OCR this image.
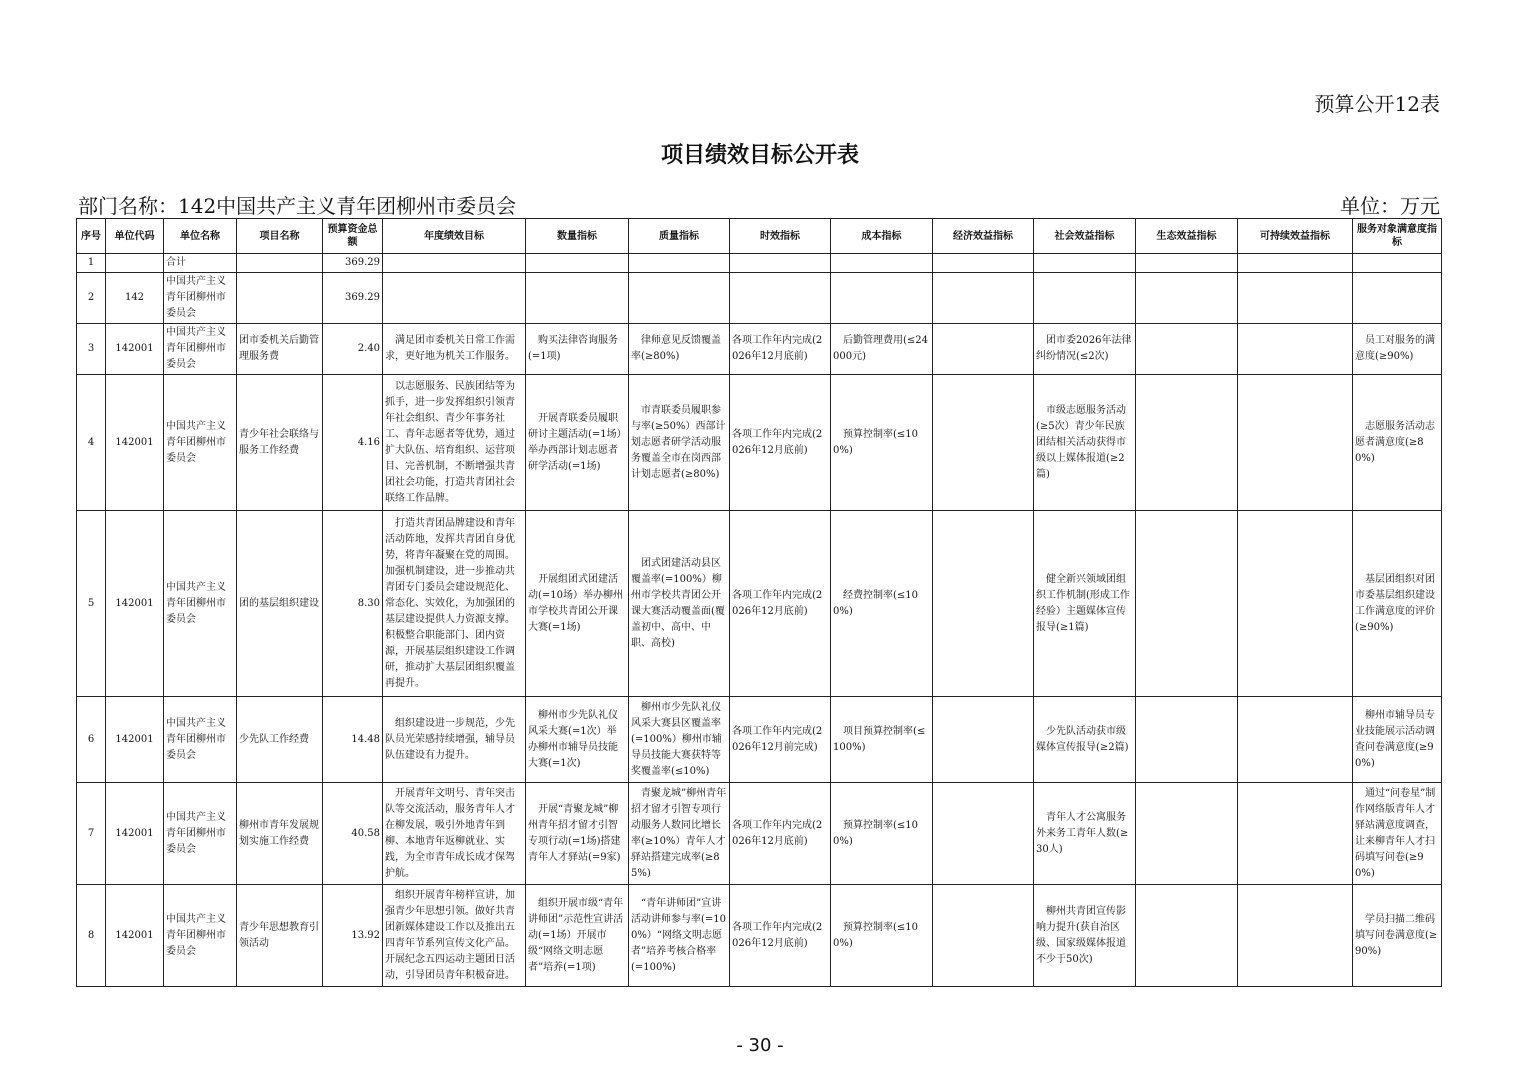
预算公开12表
项目绩效目标公开表
部门名称：142中国共产主义青年团柳州市委员会	单位：万元
序号	单位代码	单位名称	项目名称	预算资金总额	年度绩效目标	数量指标	质量指标	时效指标	成本指标	经济效益指标	社会效益指标	生态效益指标	可持续效益指标	服务对象满意度指标
1		合计		369.29										
2	142	中国共产主义青年团柳州市委员会		369.29										
3	142001	中国共产主义青年团柳州市委员会	团市委机关后勤管理服务费	2.40	满足团市委机关日常工作需求，更好地为机关工作服务。	购买法律咨询服务(=1项)	律师意见反馈覆盖率(≥80%)	各项工作年内完成(2026年12月底前)	后勤管理费用(≤24000元)		团市委2026年法律纠纷情况(≤2次)			员工对服务的满意度(≥90%)
4	142001	中国共产主义青年团柳州市委员会	青少年社会联络与服务工作经费	4.16	以志愿服务、民族团结等为抓手，进一步发挥组织引领青年社会组织、青少年事务社工、青年志愿者等优势，通过扩大队伍、培育组织、运营项目、完善机制，不断增强共青团社会功能，打造共青团社会联络工作品牌。	开展青联委员履职研讨主题活动(=1场）举办西部计划志愿者研学活动(=1场)	市青联委员履职参与率(≥50%）西部计划志愿者研学活动服务覆盖全市在岗西部计划志愿者(≥80%)	各项工作年内完成(2026年12月底前)	预算控制率(≤100%)		市级志愿服务活动(≥5次）青少年民族团结相关活动获得市级以上媒体报道(≥2篇)			志愿服务活动志愿者满意度(≥80%)
5	142001	中国共产主义青年团柳州市委员会	团的基层组织建设	8.30	打造共青团品牌建设和青年活动阵地，发挥共青团自身优势，将青年凝聚在党的周围。加强机制建设，进一步推动共青团专门委员会建设规范化、常态化、实效化，为加强团的基层建设提供人力资源支撑。积极整合职能部门、团内资源，开展基层组织建设工作调研，推动扩大基层团组织覆盖再提升。	开展组团式团建活动(=10场）举办柳州市学校共青团公开课大赛(=1场)	团式团建活动县区覆盖率(=100%）柳州市学校共青团公开课大赛活动覆盖面(覆盖初中、高中、中职、高校)	各项工作年内完成(2026年12月底前)	经费控制率(≤100%)		健全新兴领域团组织工作机制(形成工作经验）主题媒体宣传报导(≥1篇)			基层团组织对团市委基层组织建设工作满意度的评价(≥90%)
6	142001	中国共产主义青年团柳州市委员会	少先队工作经费	14.48	组织建设进一步规范，少先队员光荣感持续增强，辅导员队伍建设有力提升。	柳州市少先队礼仪风采大赛(=1次）举办柳州市辅导员技能大赛(=1次)	柳州市少先队礼仪风采大赛县区覆盖率(=100%）柳州市辅导员技能大赛获特等奖覆盖率(≤10%)	各项工作年内完成(2026年12月前完成)	项目预算控制率(≤100%)		少先队活动获市级媒体宣传报导(≥2篇)			柳州市辅导员专业技能展示活动调查问卷满意度(≥90%)
7	142001	中国共产主义青年团柳州市委员会	柳州市青年发展规划实施工作经费	40.58	开展青年文明号、青年突击队等交流活动，服务青年人才在柳发展，吸引外地青年到柳、本地青年返柳就业、实践，为全市青年成长成才保驾护航。	开展“青聚龙城”柳州青年招才留才引智专项行动(=1场)搭建青年人才驿站(=9家)	青聚龙城”柳州青年招才留才引智专项行动服务人数同比增长率(≥10%）青年人才驿站搭建完成率(≥85%)	各项工作年内完成(2026年12月底前)	预算控制率(≤100%)		青年人才公寓服务外来务工青年人数(≥30人)			通过“问卷星”制作网络版青年人才驿站满意度调查，让来柳青年人才扫码填写问卷(≥90%)
8	142001	中国共产主义青年团柳州市委员会	青少年思想教育引领活动	13.92	组织开展青年榜样宣讲，加强青少年思想引领。做好共青团新媒体建设工作以及推出五四青年节系列宣传文化产品。开展纪念五四运动主题团日活动，引导团员青年积极奋进。	组织开展市级“青年讲师团”示范性宣讲活动(=1场）开展市级“网络文明志愿者”培养(=1项)	“青年讲师团”宣讲活动讲师参与率(=100%）“网络文明志愿者”培养考核合格率(=100%)	各项工作年内完成(2026年12月底前)	预算控制率(≤100%)		柳州共青团宣传影响力提升(获自治区级、国家级媒体报道不少于50次)			学员扫描二维码填写问卷满意度(≥90%)
- 30 -
